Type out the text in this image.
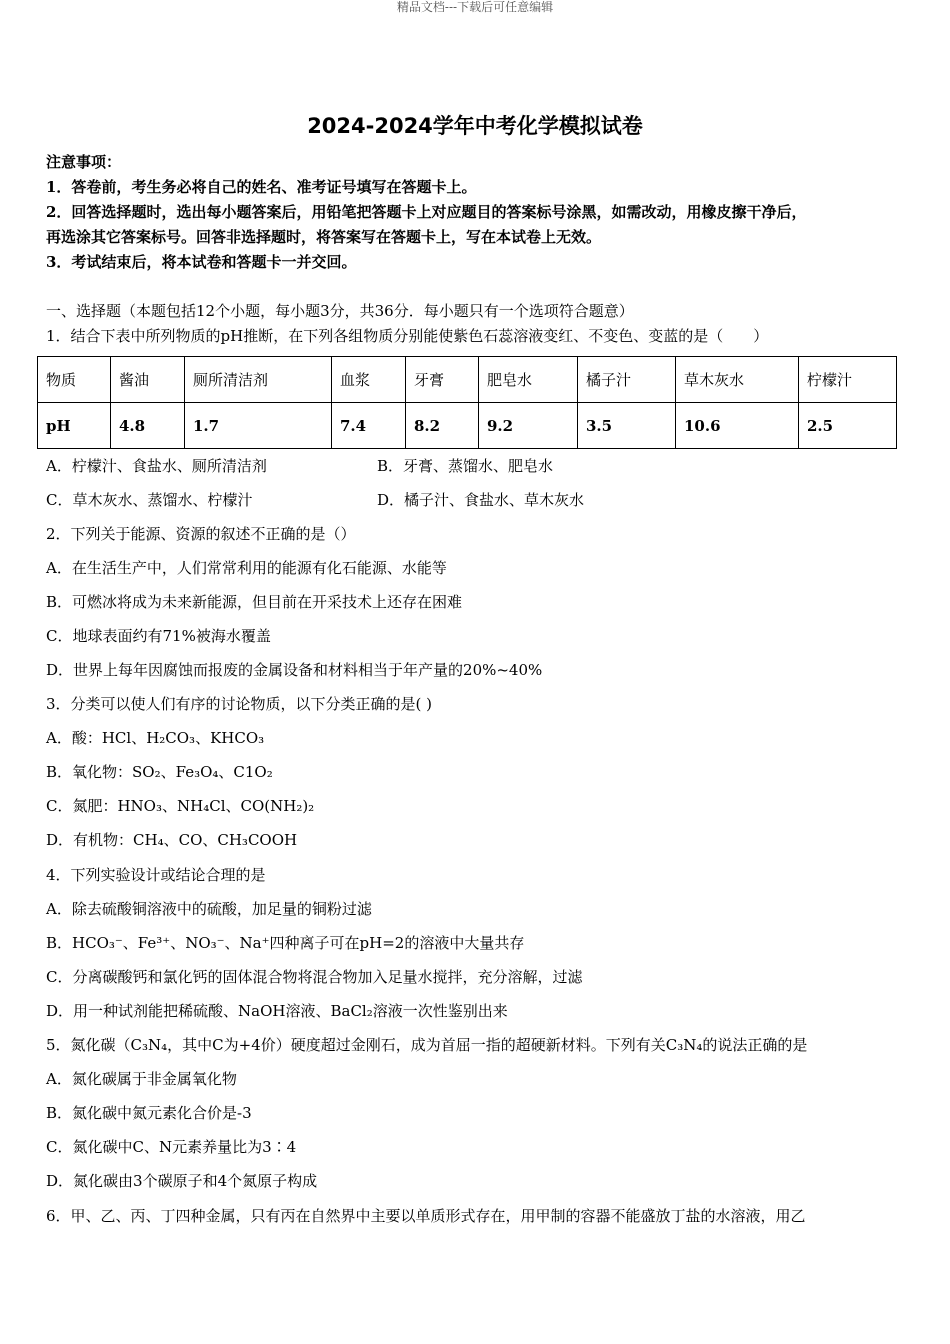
精品文档---下载后可任意编辑
2024-2024学年中考化学模拟试卷
注意事项：
1．答卷前，考生务必将自己的姓名、准考证号填写在答题卡上。
2．回答选择题时，选出每小题答案后，用铅笔把答题卡上对应题目的答案标号涂黑，如需改动，用橡皮擦干净后，
再选涂其它答案标号。回答非选择题时，将答案写在答题卡上，写在本试卷上无效。
3．考试结束后，将本试卷和答题卡一并交回。
一、选择题（本题包括12个小题，每小题3分，共36分．每小题只有一个选项符合题意）
1．结合下表中所列物质的pH推断，在下列各组物质分别能使紫色石蕊溶液变红、不变色、变蓝的是（　　）
物质	酱油	厕所清洁剂	血浆	牙膏	肥皂水	橘子汁	草木灰水	柠檬汁
pH	4.8	1.7	7.4	8.2	9.2	3.5	10.6	2.5
A．柠檬汁、食盐水、厕所清洁剂	B．牙膏、蒸馏水、肥皂水
C．草木灰水、蒸馏水、柠檬汁	D．橘子汁、食盐水、草木灰水
2．下列关于能源、资源的叙述不正确的是（）
A．在生活生产中，人们常常利用的能源有化石能源、水能等
B．可燃冰将成为未来新能源，但目前在开采技术上还存在困难
C．地球表面约有71%被海水覆盖
D．世界上每年因腐蚀而报废的金属设备和材料相当于年产量的20%~40%
3．分类可以使人们有序的讨论物质，以下分类正确的是( )
A．酸：HCl、H₂CO₃、KHCO₃
B．氧化物：SO₂、Fe₃O₄、C1O₂
C．氮肥：HNO₃、NH₄Cl、CO(NH₂)₂
D．有机物：CH₄、CO、CH₃COOH
4．下列实验设计或结论合理的是
A．除去硫酸铜溶液中的硫酸，加足量的铜粉过滤
B．HCO₃⁻、Fe³⁺、NO₃⁻、Na⁺四种离子可在pH=2的溶液中大量共存
C．分离碳酸钙和氯化钙的固体混合物将混合物加入足量水搅拌，充分溶解，过滤
D．用一种试剂能把稀硫酸、NaOH溶液、BaCl₂溶液一次性鉴别出来
5．氮化碳（C₃N₄，其中C为+4价）硬度超过金刚石，成为首屈一指的超硬新材料。下列有关C₃N₄的说法正确的是
A．氮化碳属于非金属氧化物
B．氮化碳中氮元素化合价是-3
C．氮化碳中C、N元素养量比为3∶4
D．氮化碳由3个碳原子和4个氮原子构成
6．甲、乙、丙、丁四种金属，只有丙在自然界中主要以单质形式存在，用甲制的容器不能盛放丁盐的水溶液，用乙
